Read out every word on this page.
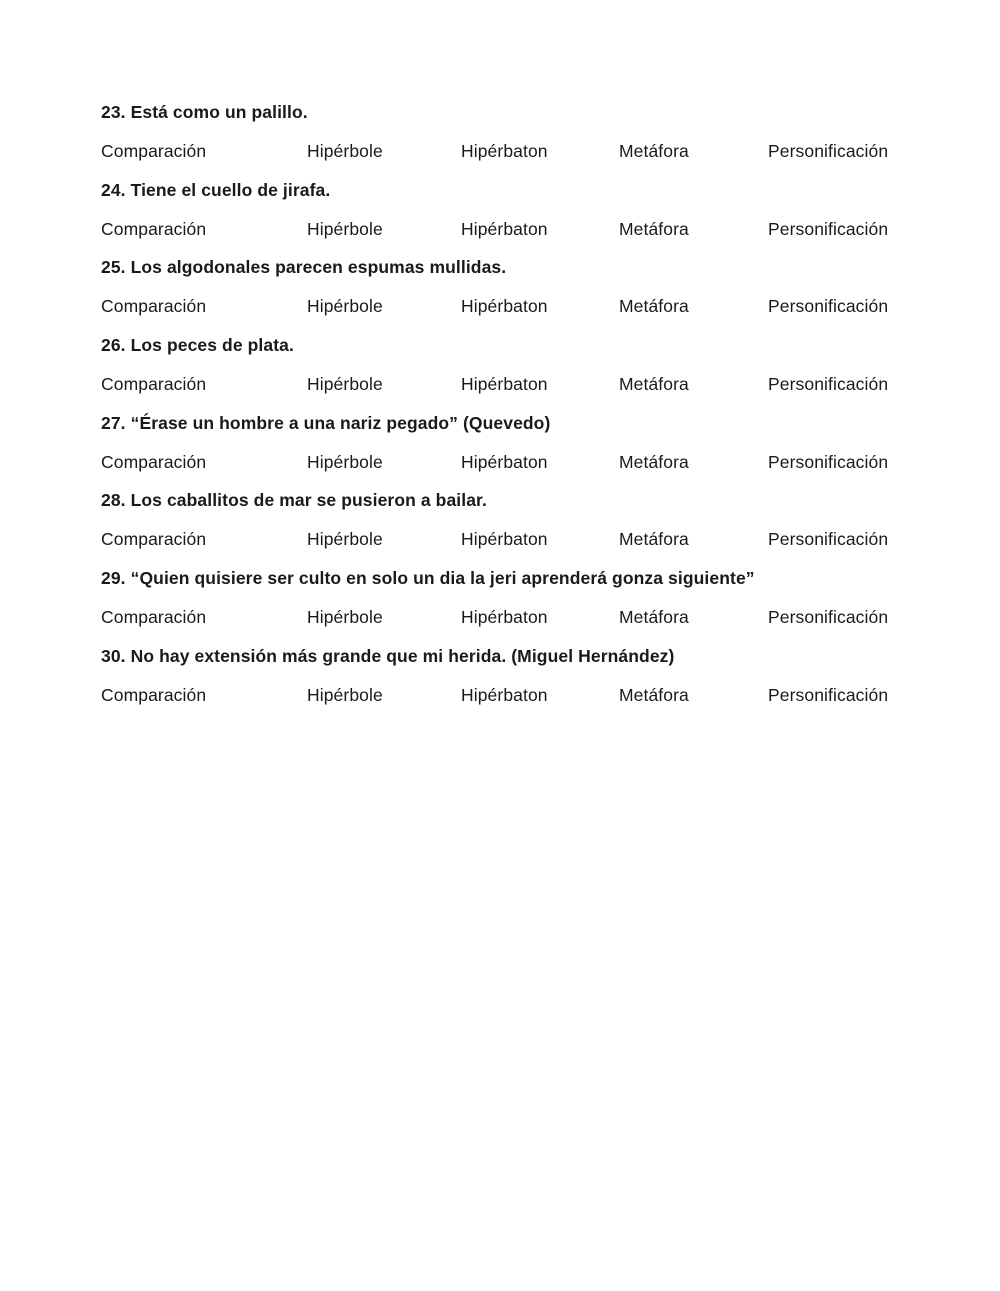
23. Está como un palillo.
Comparación	Hipérbole	Hipérbaton	Metáfora	Personificación
24. Tiene el cuello de jirafa.
Comparación	Hipérbole	Hipérbaton	Metáfora	Personificación
25. Los algodonales parecen espumas mullidas.
Comparación	Hipérbole	Hipérbaton	Metáfora	Personificación
26. Los peces de plata.
Comparación	Hipérbole	Hipérbaton	Metáfora	Personificación
27. “Érase un hombre a una nariz pegado” (Quevedo)
Comparación	Hipérbole	Hipérbaton	Metáfora	Personificación
28. Los caballitos de mar se pusieron a bailar.
Comparación	Hipérbole	Hipérbaton	Metáfora	Personificación
29. “Quien quisiere ser culto en solo un dia la jeri aprenderá gonza siguiente”
Comparación	Hipérbole	Hipérbaton	Metáfora	Personificación
30. No hay extensión más grande que mi herida. (Miguel Hernández)
Comparación	Hipérbole	Hipérbaton	Metáfora	Personificación
